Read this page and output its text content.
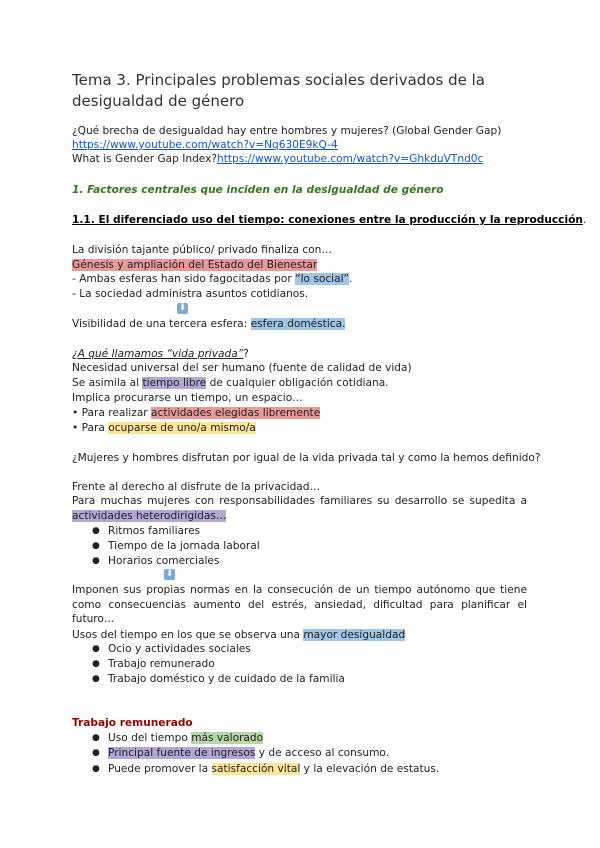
Tema 3. Principales problemas sociales derivados de la desigualdad de género
¿Qué brecha de desigualdad hay entre hombres y mujeres? (Global Gender Gap)
https://www.youtube.com/watch?v=Nq630E9kQ-4
What is Gender Gap Index?https://www.youtube.com/watch?v=GhkduVTnd0c
1. Factores centrales que inciden en la desigualdad de género
1.1. El diferenciado uso del tiempo: conexiones entre la producción y la reproducción.
La división tajante público/ privado finaliza con…
Génesis y ampliación del Estado del Bienestar
- Ambas esferas han sido fagocitadas por “lo social”.
- La sociedad administra asuntos cotidianos.
⬇
Visibilidad de una tercera esfera: esfera doméstica.
¿A qué llamamos “vida privada”?
Necesidad universal del ser humano (fuente de calidad de vida)
Se asimila al tiempo libre de cualquier obligación cotidiana.
Implica procurarse un tiempo, un espacio…
• Para realizar actividades elegidas libremente
• Para ocuparse de uno/a mismo/a
¿Mujeres y hombres disfrutan por igual de la vida privada tal y como la hemos definido?
Frente al derecho al disfrute de la privacidad…
Para muchas mujeres con responsabilidades familiares su desarrollo se supedita a actividades heterodirigidas…
● Ritmos familiares
● Tiempo de la jornada laboral
● Horarios comerciales
⬇
Imponen sus propias normas en la consecución de un tiempo autónomo que tiene como consecuencias aumento del estrés, ansiedad, dificultad para planificar el futuro…
Usos del tiempo en los que se observa una mayor desigualdad
● Ocio y actividades sociales
● Trabajo remunerado
● Trabajo doméstico y de cuidado de la familia
Trabajo remunerado
● Uso del tiempo más valorado
● Principal fuente de ingresos y de acceso al consumo.
● Puede promover la satisfacción vital y la elevación de estatus.
